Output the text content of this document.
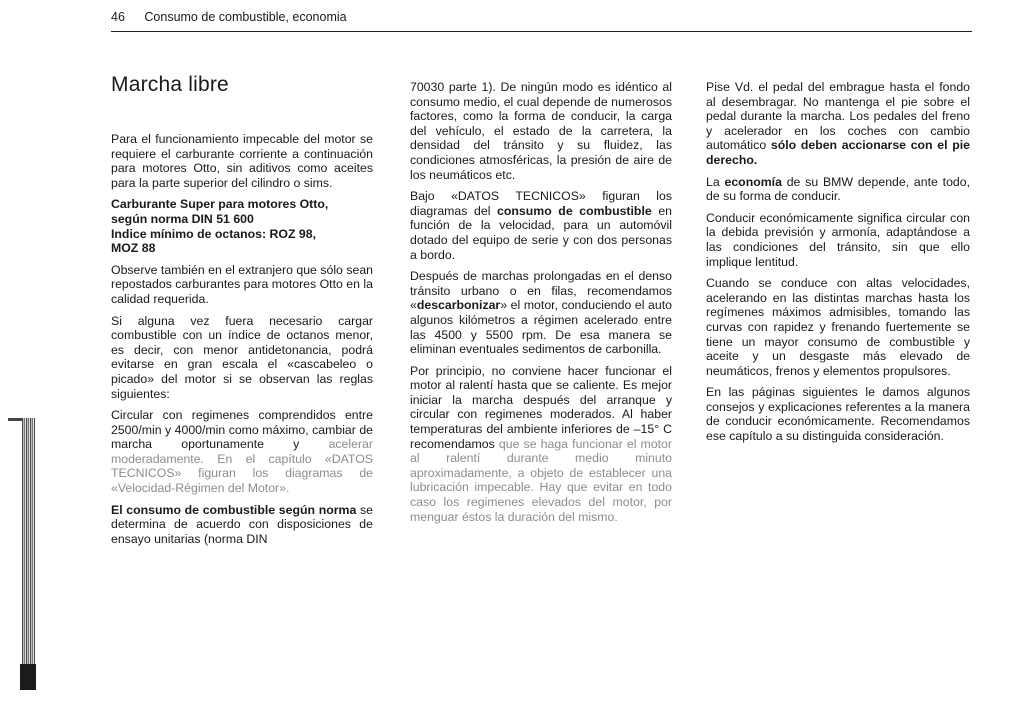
46 Consumo de combustible, economia
Marcha libre

Para el funcionamiento impecable del motor se requiere el carburante corriente a continuación para motores Otto, sin aditivos como aceites para la parte superior del cilindro o sims.

Carburante Super para motores Otto,
según norma DIN 51 600
Indice mínimo de octanos: ROZ 98,
MOZ 88

Observe también en el extranjero que sólo sean repostados carburantes para motores Otto en la calidad requerida.

Si alguna vez fuera necesario cargar combustible con un índice de octanos menor, es decir, con menor antidetonancia, podrá evitarse en gran escala el «cascabeleo o picado» del motor si se observan las reglas siguientes:

Circular con regimenes comprendidos entre 2500/min y 4000/min como máximo, cambiar de marcha oportunamente y acelerar moderadamente. En el capítulo «DATOS TECNICOS» figuran los diagramas de «Velocidad-Régimen del Motor».

El consumo de combustible según norma se determina de acuerdo con disposiciones de ensayo unitarias (norma DIN

70030 parte 1). De ningún modo es idéntico al consumo medio, el cual depende de numerosos factores, como la forma de conducir, la carga del vehículo, el estado de la carretera, la densidad del tránsito y su fluidez, las condiciones atmosféricas, la presión de aire de los neumáticos etc.

Bajo «DATOS TECNICOS» figuran los diagramas del consumo de combustible en función de la velocidad, para un automóvil dotado del equipo de serie y con dos personas a bordo.

Después de marchas prolongadas en el denso tránsito urbano o en filas, recomendamos «descarbonizar» el motor, conduciendo el auto algunos kilómetros a régimen acelerado entre las 4500 y 5500 rpm. De esa manera se eliminan eventuales sedimentos de carbonilla.

Por principio, no conviene hacer funcionar el motor al ralentí hasta que se caliente. Es mejor iniciar la marcha después del arranque y circular con regimenes moderados. Al haber temperaturas del ambiente inferiores de –15° C recomendamos que se haga funcionar el motor al ralentí durante medio minuto aproximadamente, a objeto de establecer una lubricación impecable. Hay que evitar en todo caso los regimenes elevados del motor, por menguar éstos la duración del mismo.

Pise Vd. el pedal del embrague hasta el fondo al desembragar. No mantenga el pie sobre el pedal durante la marcha. Los pedales del freno y acelerador en los coches con cambio automático sólo deben accionarse con el pie derecho.

La economía de su BMW depende, ante todo, de su forma de conducir.

Conducir económicamente significa circular con la debida previsión y armonía, adaptándose a las condiciones del tránsito, sin que ello implique lentitud.

Cuando se conduce con altas velocidades, acelerando en las distintas marchas hasta los regímenes máximos admisibles, tomando las curvas con rapidez y frenando fuertemente se tiene un mayor consumo de combustible y aceite y un desgaste más elevado de neumáticos, frenos y elementos propulsores.

En las páginas siguientes le damos algunos consejos y explicaciones referentes a la manera de conducir económicamente. Recomendamos ese capítulo a su distinguida consideración.
